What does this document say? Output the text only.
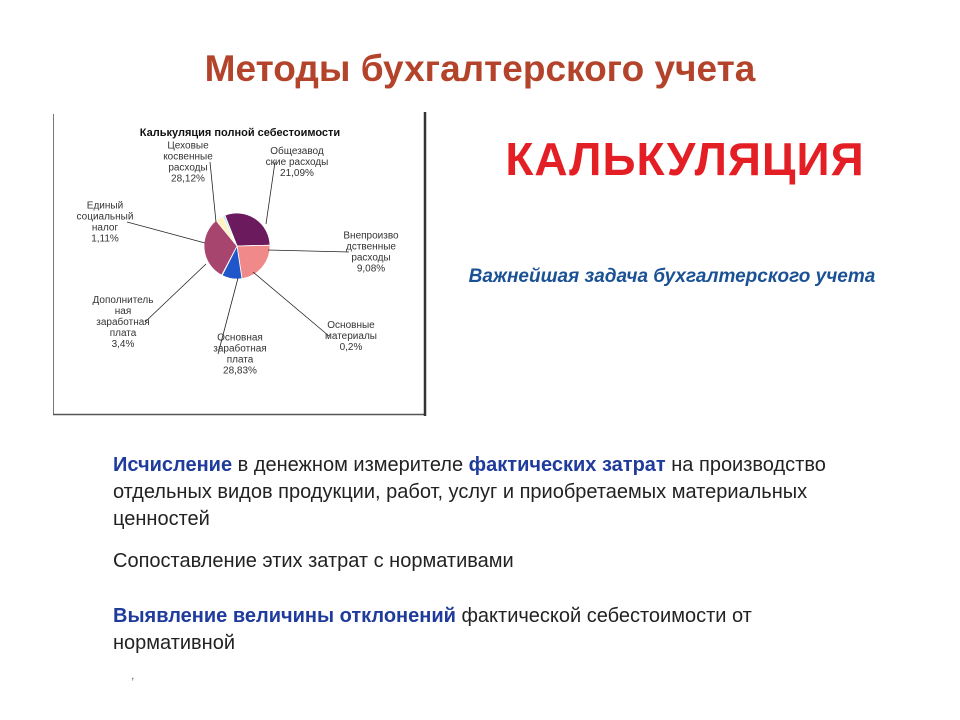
Методы бухгалтерского учета
Калькуляция полной себестоимости
Цеховые косвенные расходы 28,12%
Общезавод ские расходы 21,09%
Внепроизво дственные расходы 9,08%
Основные материалы 0,2%
Основная заработная плата 28,83%
Дополнитель ная заработная плата 3,4%
Единый социальный налог 1,11%
КАЛЬКУЛЯЦИЯ
Важнейшая задача бухгалтерского учета
Исчисление в денежном измерителе фактических затрат на производство отдельных видов продукции, работ, услуг и приобретаемых материальных ценностей
Сопоставление этих затрат с нормативами
Выявление величины отклонений фактической себестоимости от нормативной
,
